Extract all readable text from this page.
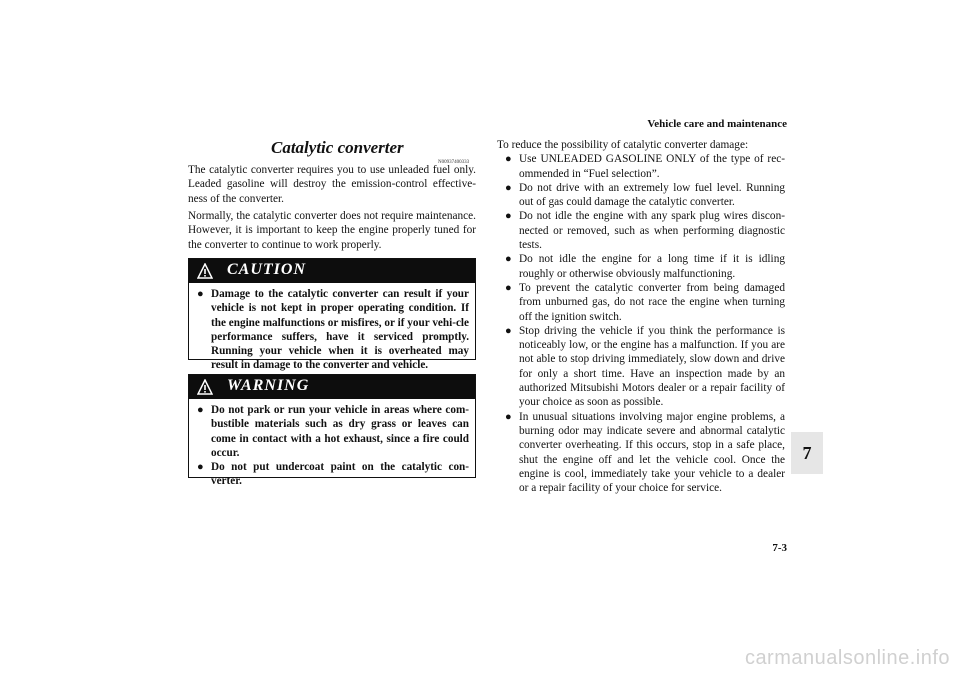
Vehicle care and maintenance
Catalytic converter
N00937400333

The catalytic converter requires you to use unleaded fuel only. Leaded gasoline will destroy the emission-control effective-ness of the converter.

Normally, the catalytic converter does not require maintenance. However, it is important to keep the engine properly tuned for the converter to continue to work properly.

CAUTION
● Damage to the catalytic converter can result if your vehicle is not kept in proper operating condition. If the engine malfunctions or misfires, or if your vehi-cle performance suffers, have it serviced promptly. Running your vehicle when it is overheated may result in damage to the converter and vehicle.
WARNING
● Do not park or run your vehicle in areas where com-bustible materials such as dry grass or leaves can come in contact with a hot exhaust, since a fire could occur.
● Do not put undercoat paint on the catalytic con-verter.

To reduce the possibility of catalytic converter damage:

● Use UNLEADED GASOLINE ONLY of the type of rec-ommended in “Fuel selection”.
● Do not drive with an extremely low fuel level. Running out of gas could damage the catalytic converter.
● Do not idle the engine with any spark plug wires discon-nected or removed, such as when performing diagnostic tests.
● Do not idle the engine for a long time if it is idling roughly or otherwise obviously malfunctioning.
● To prevent the catalytic converter from being damaged from unburned gas, do not race the engine when turning off the ignition switch.
● Stop driving the vehicle if you think the performance is noticeably low, or the engine has a malfunction. If you are not able to stop driving immediately, slow down and drive for only a short time. Have an inspection made by an authorized Mitsubishi Motors dealer or a repair facility of your choice as soon as possible.
● In unusual situations involving major engine problems, a burning odor may indicate severe and abnormal catalytic converter overheating. If this occurs, stop in a safe place, shut the engine off and let the vehicle cool. Once the engine is cool, immediately take your vehicle to a dealer or a repair facility of your choice for service.
7
7-3
carmanualsonline.info
